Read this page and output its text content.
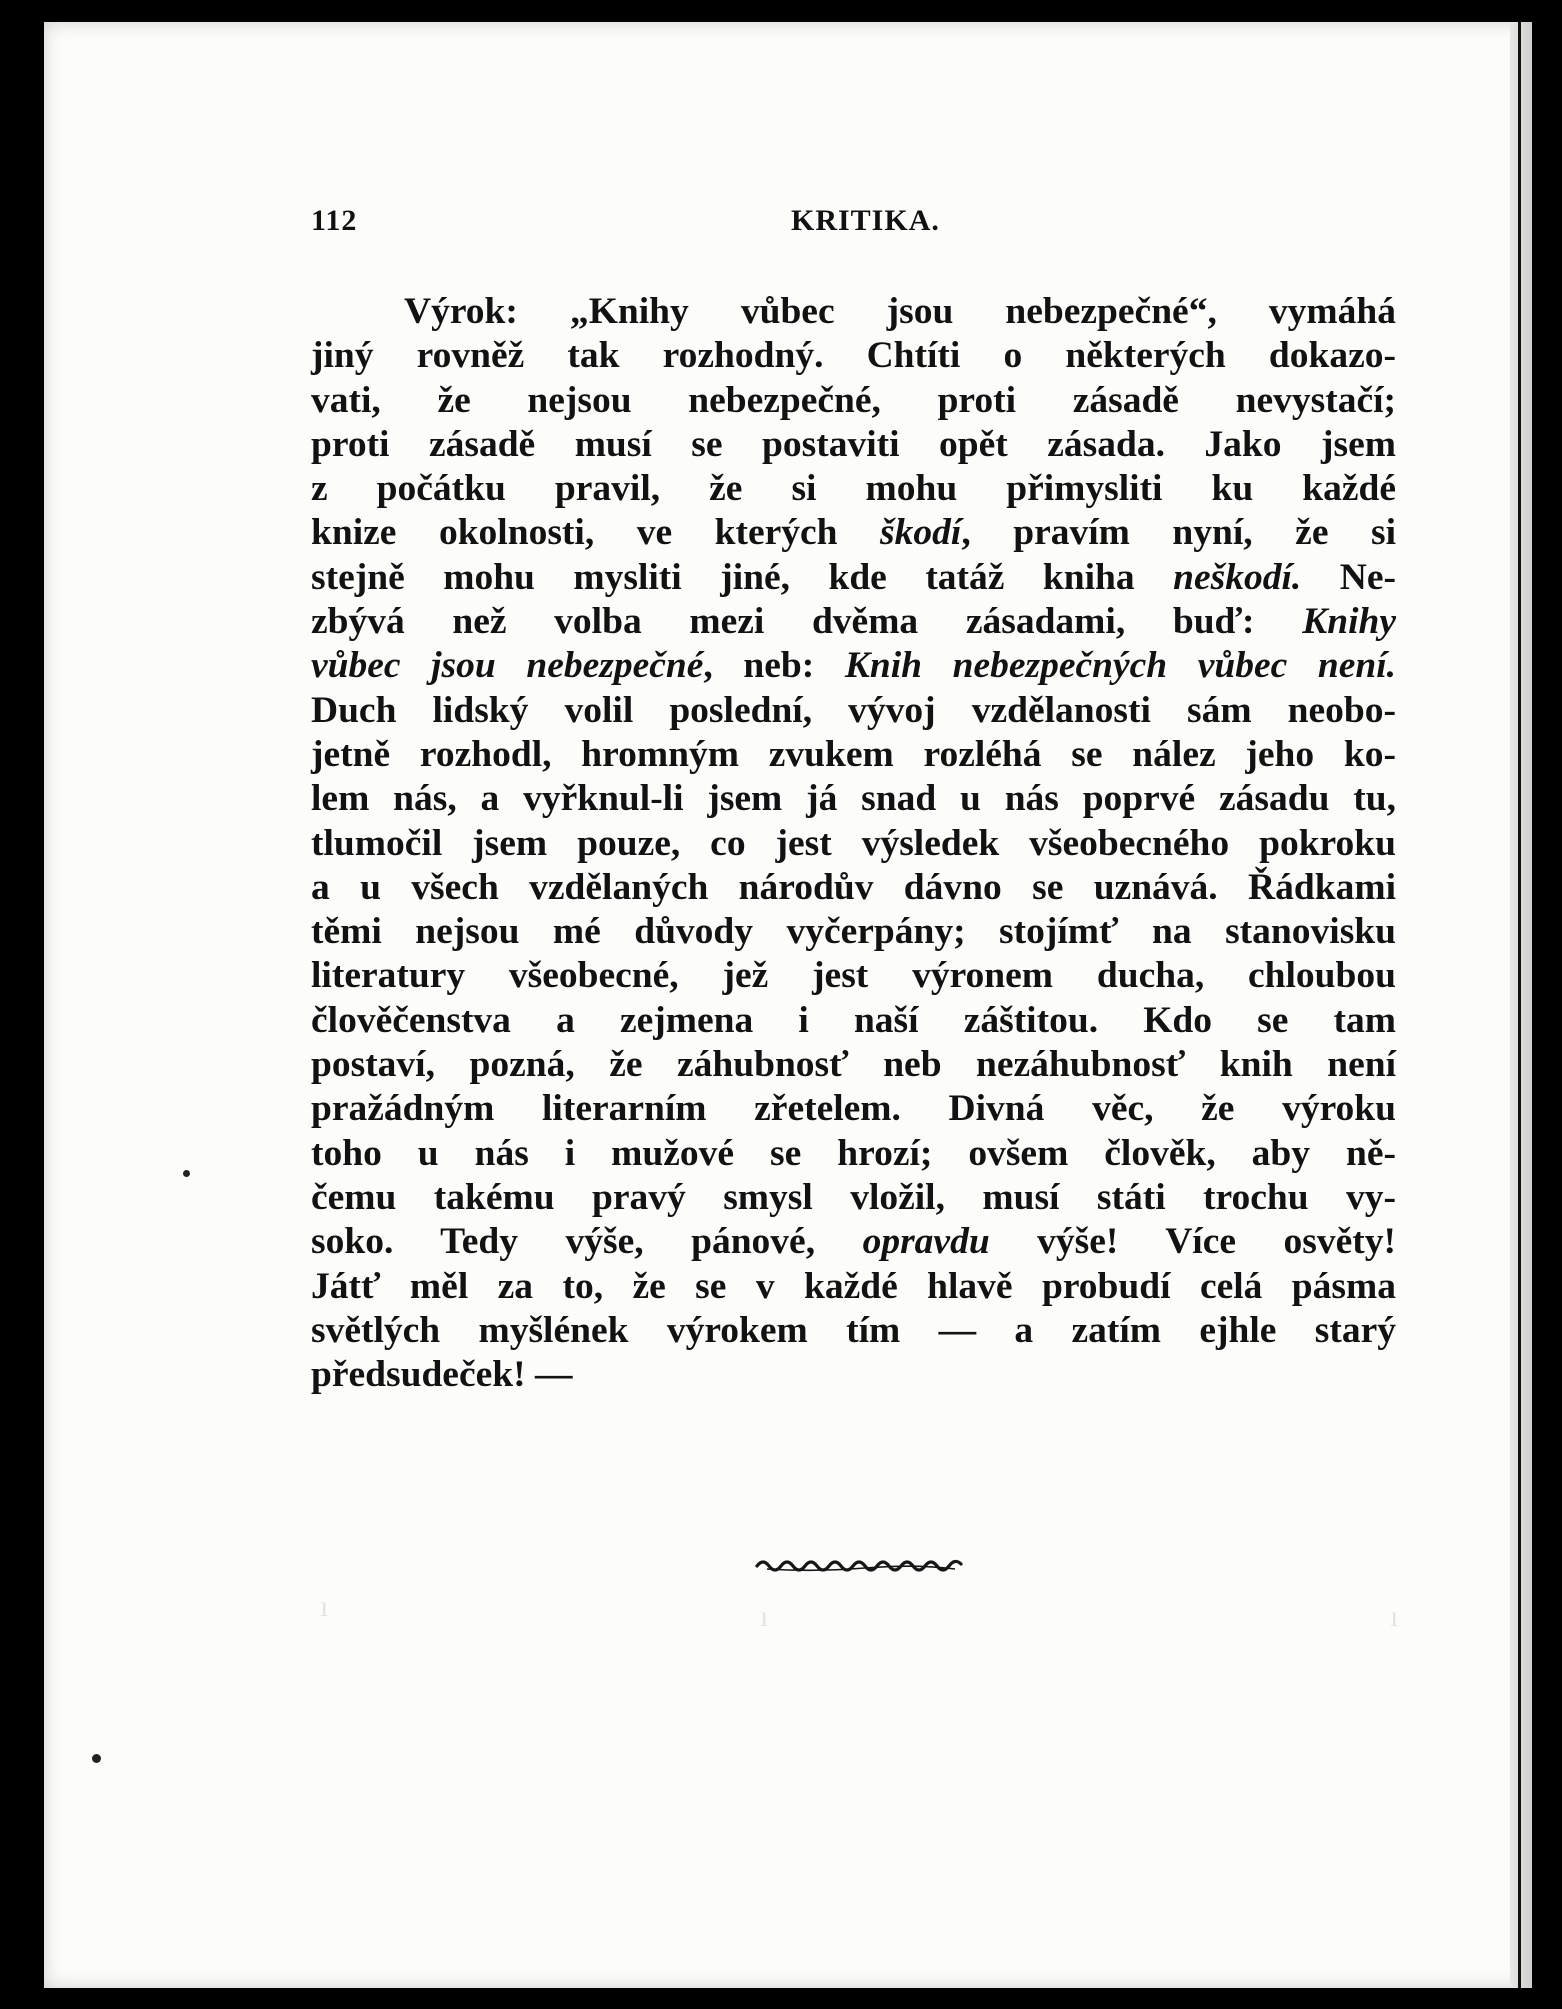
ı	ı	ı
112	KRITIKA.
Výrok: „Knihy vůbec jsou nebezpečné“, vymáhá
jiný rovněž tak rozhodný. Chtíti o některých dokazo-
vati, že nejsou nebezpečné, proti zásadě nevystačí;
proti zásadě musí se postaviti opět zásada. Jako jsem
z počátku pravil, že si mohu přimysliti ku každé
knize okolnosti, ve kterých škodí, pravím nyní, že si
stejně mohu mysliti jiné, kde tatáž kniha neškodí. Ne-
zbývá než volba mezi dvěma zásadami, buď: Knihy
vůbec jsou nebezpečné, neb: Knih nebezpečných vůbec není.
Duch lidský volil poslední, vývoj vzdělanosti sám neobo-
jetně rozhodl, hromným zvukem rozléhá se nález jeho ko-
lem nás, a vyřknul-li jsem já snad u nás poprvé zásadu tu,
tlumočil jsem pouze, co jest výsledek všeobecného pokroku
a u všech vzdělaných národův dávno se uznává. Řádkami
těmi nejsou mé důvody vyčerpány; stojímť na stanovisku
literatury všeobecné, jež jest výronem ducha, chloubou
člověčenstva a zejmena i naší záštitou. Kdo se tam
postaví, pozná, že záhubnosť neb nezáhubnosť knih není
pražádným literarním zřetelem. Divná věc, že výroku
toho u nás i mužové se hrozí; ovšem člověk, aby ně-
čemu takému pravý smysl vložil, musí státi trochu vy-
soko. Tedy výše, pánové, opravdu výše! Více osvěty!
Játť měl za to, že se v každé hlavě probudí celá pásma
světlých myšlének výrokem tím — a zatím ejhle starý
předsudeček! —
